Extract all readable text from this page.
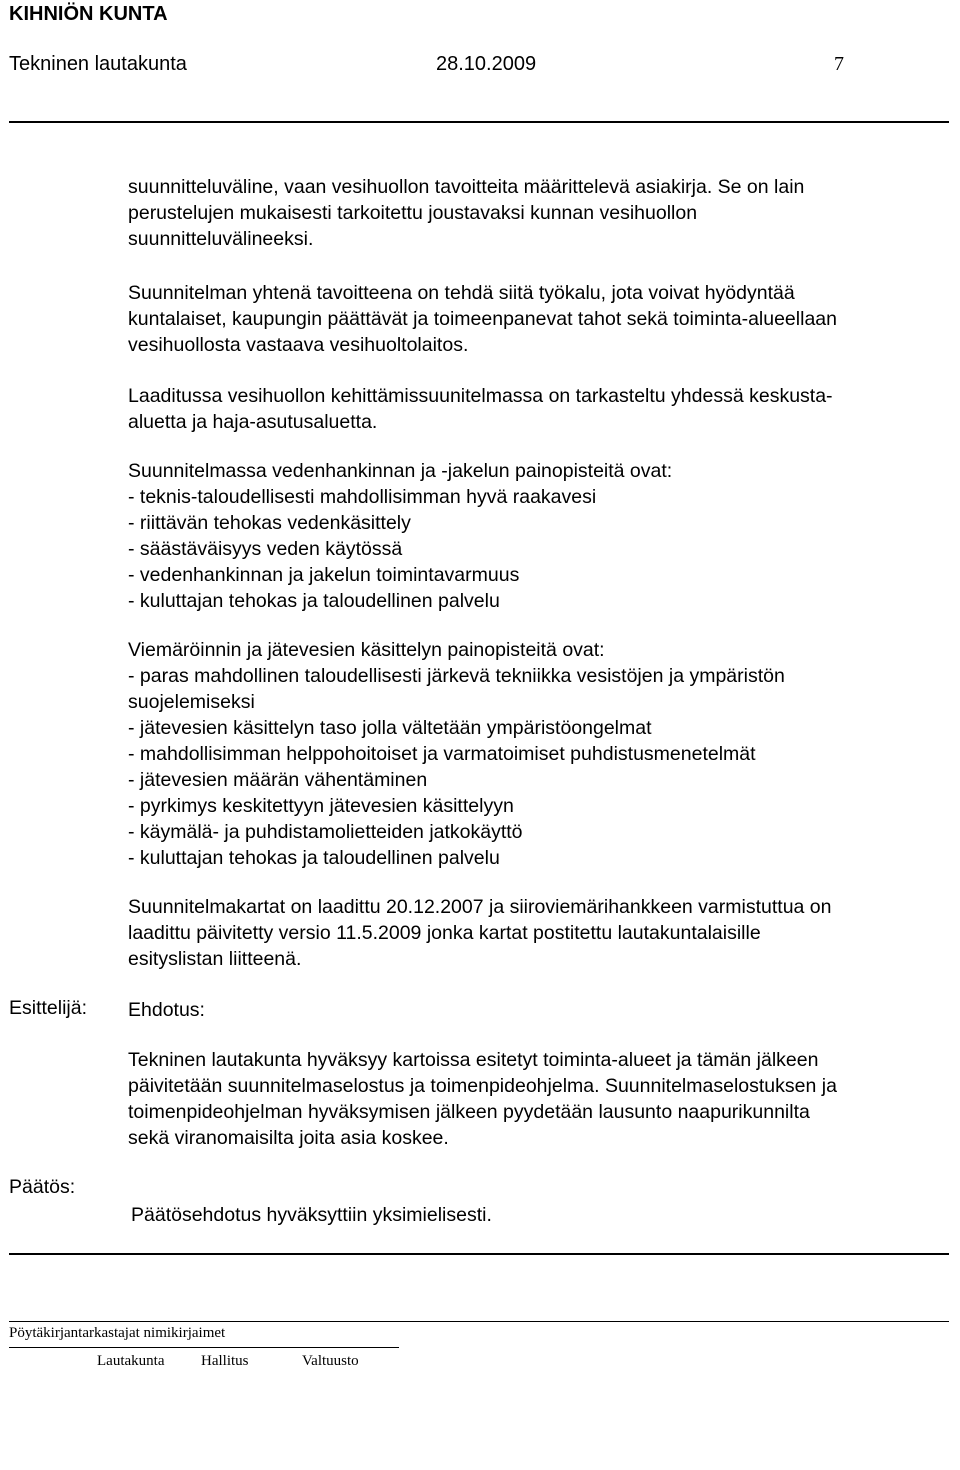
KIHNIÖN KUNTA
Tekninen lautakunta	28.10.2009	7
suunnitteluväline, vaan vesihuollon tavoitteita määrittelevä asiakirja. Se on lain
perustelujen mukaisesti tarkoitettu joustavaksi kunnan vesihuollon
suunnitteluvälineeksi.
Suunnitelman yhtenä tavoitteena on tehdä siitä työkalu, jota voivat hyödyntää
kuntalaiset, kaupungin päättävät ja toimeenpanevat tahot sekä toiminta-alueellaan
vesihuollosta vastaava vesihuoltolaitos.
Laaditussa vesihuollon kehittämissuunitelmassa on tarkasteltu yhdessä keskusta-
aluetta ja haja-asutusaluetta.
Suunnitelmassa vedenhankinnan ja -jakelun painopisteitä ovat:
- teknis-taloudellisesti mahdollisimman hyvä raakavesi
- riittävän tehokas vedenkäsittely
- säästäväisyys veden käytössä
- vedenhankinnan ja jakelun toimintavarmuus
- kuluttajan tehokas ja taloudellinen palvelu
Viemäröinnin ja jätevesien käsittelyn painopisteitä ovat:
- paras mahdollinen taloudellisesti järkevä tekniikka vesistöjen ja ympäristön
suojelemiseksi
- jätevesien käsittelyn taso jolla vältetään ympäristöongelmat
- mahdollisimman helppohoitoiset ja varmatoimiset puhdistusmenetelmät
- jätevesien määrän vähentäminen
- pyrkimys keskitettyyn jätevesien käsittelyyn
- käymälä- ja puhdistamolietteiden jatkokäyttö
- kuluttajan tehokas ja taloudellinen palvelu
Suunnitelmakartat on laadittu 20.12.2007 ja siiroviemärihankkeen varmistuttua on
laadittu päivitetty versio 11.5.2009 jonka kartat postitettu lautakuntalaisille
esityslistan liitteenä.
Esittelijä: Ehdotus:
Tekninen lautakunta hyväksyy kartoissa esitetyt toiminta-alueet ja tämän jälkeen
päivitetään suunnitelmaselostus ja toimenpideohjelma. Suunnitelmaselostuksen ja
toimenpideohjelman hyväksymisen jälkeen pyydetään lausunto naapurikunnilta
sekä viranomaisilta joita asia koskee.
Päätös:
Päätösehdotus hyväksyttiin yksimielisesti.
Pöytäkirjantarkastajat nimikirjaimet
Lautakunta Hallitus	Valtuusto
